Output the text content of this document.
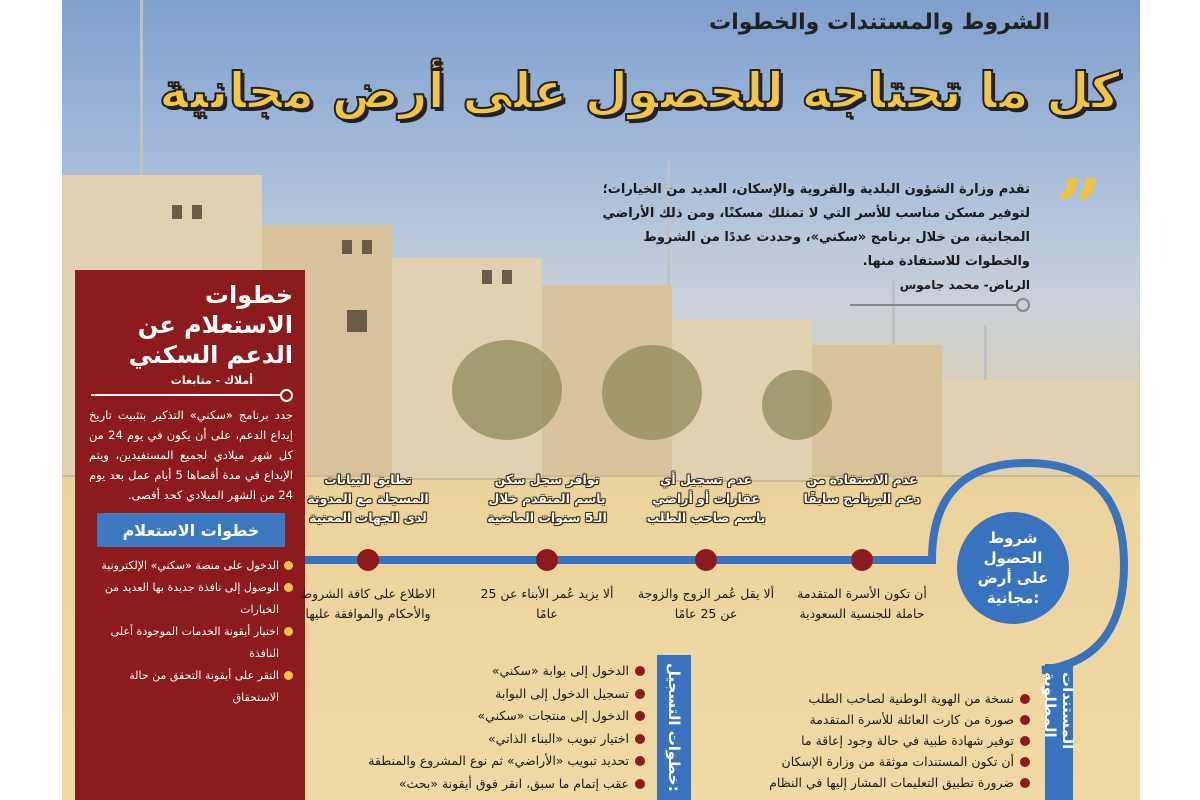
الشروط والمستندات والخطوات
كل ما تحتاجه للحصول على أرض مجانية
”
تقدم وزارة الشؤون البلدية والقروية والإسكان، العديد من الخيارات؛ لتوفير مسكن مناسب للأسر التي لا تمتلك مسكنًا، ومن ذلك الأراضي المجانية، من خلال برنامج «سكني»، وحددت عددًا من الشروط والخطوات للاستفادة منها.
الرياض- محمد جاموس
خطوات الاستعلام عن الدعم السكني
أملاك - متابعات
جدد برنامج «سكني» التذكير بتثبيت تاريخ إيداع الدعم، على أن يكون في يوم 24 من كل شهر ميلادي لجميع المستفيدين، ويتم الإيداع في مدة أقصاها 5 أيام عمل بعد يوم 24 من الشهر الميلادي كحد أقصى.
خطوات الاستعلام
الدخول على منصة «سكني» الإلكترونية
الوصول إلى نافذة جديدة بها العديد من الخيارات
اختيار أيقونة الخدمات الموجودة أعلى النافذة
النقر على أيقونة التحقق من حالة الاستحقاق
شروط الحصول على أرض مجانية:
عدم الاستفادة من دعم البرنامج سابقًا
عدم تسجيل أي عقارات أو أراضي باسم صاحب الطلب
توافر سجل سكن باسم المتقدم خلال الـ5 سنوات الماضية
تطابق البيانات المسجلة مع المدونة لدى الجهات المعنية
أن تكون الأسرة المتقدمة حاملة للجنسية السعودية
ألا يقل عُمر الزوج والزوجة عن 25 عامًا
ألا يزيد عُمر الأبناء عن 25 عامًا
الاطلاع على كافة الشروط والأحكام والموافقة عليها
خطوات التسجيل:
الدخول إلى بوابة «سكني»
تسجيل الدخول إلى البوابة
الدخول إلى منتجات «سكني»
اختيار تبويب «البناء الذاتي»
تحديد تبويب «الأراضي» ثم نوع المشروع والمنطقة
عقب إتمام ما سبق، انقر فوق أيقونة «بحث»
المستندات المطلوبة
نسخة من الهوية الوطنية لصاحب الطلب
صورة من كارت العائلة للأسرة المتقدمة
توفير شهادة طبية في حالة وجود إعاقة ما
أن تكون المستندات موثقة من وزارة الإسكان
ضرورة تطبيق التعليمات المشار إليها في النظام
